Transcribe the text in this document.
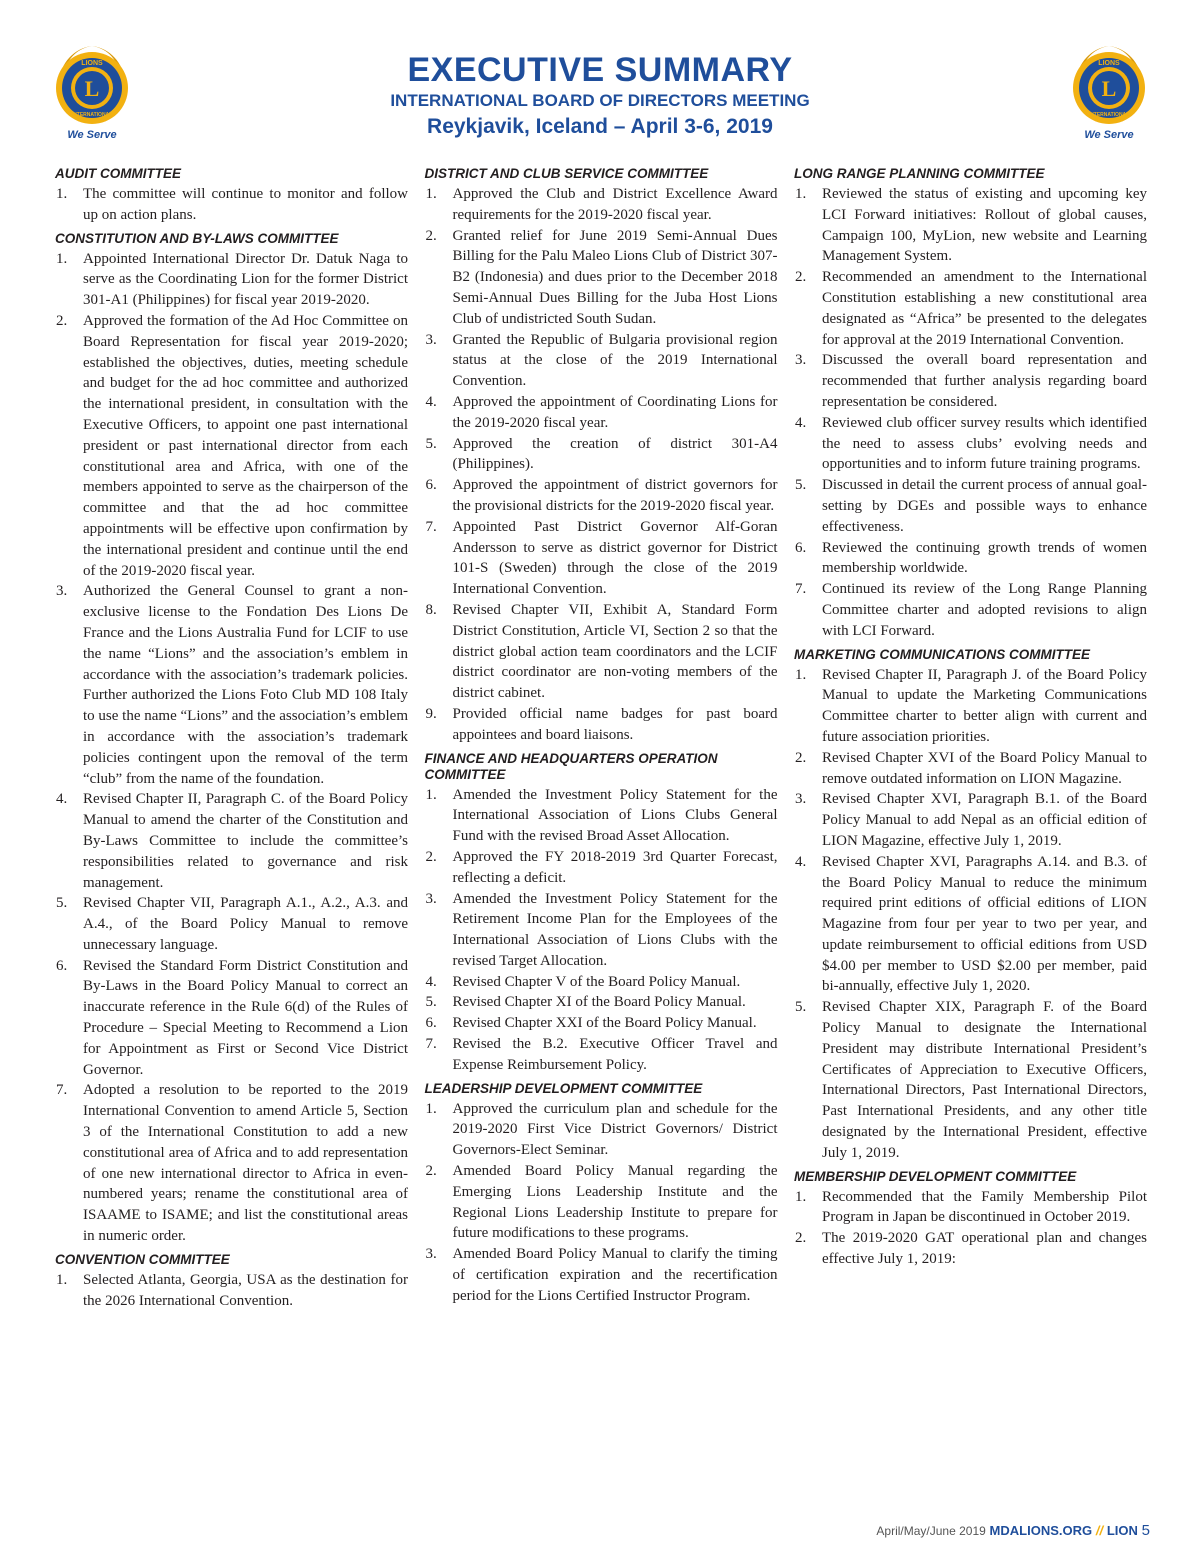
EXECUTIVE SUMMARY
INTERNATIONAL BOARD OF DIRECTORS MEETING
Reykjavik, Iceland – April 3-6, 2019
L
LIONS
INTERNATIONAL
We Serve
L
LIONS
INTERNATIONAL
We Serve
AUDIT COMMITTEE
1.	The committee will continue to monitor and follow up on action plans.
CONSTITUTION AND BY-LAWS COMMITTEE
1.	Appointed International Director Dr. Datuk Naga to serve as the Coordinating Lion for the former District 301-A1 (Philippines) for fiscal year 2019-2020.
2.	Approved the formation of the Ad Hoc Committee on Board Representation for fiscal year 2019-2020; established the objectives, duties, meeting schedule and budget for the ad hoc committee and authorized the international president, in consultation with the Executive Officers, to appoint one past international president or past international director from each constitutional area and Africa, with one of the members appointed to serve as the chairperson of the committee and that the ad hoc committee appointments will be effective upon confirmation by the international president and continue until the end of the 2019-2020 fiscal year.
3.	Authorized the General Counsel to grant a non-exclusive license to the Fondation Des Lions De France and the Lions Australia Fund for LCIF to use the name “Lions” and the association’s emblem in accordance with the association’s trademark policies. Further authorized the Lions Foto Club MD 108 Italy to use the name “Lions” and the association’s emblem in accordance with the association’s trademark policies contingent upon the removal of the term “club” from the name of the foundation.
4.	Revised Chapter II, Paragraph C. of the Board Policy Manual to amend the charter of the Constitution and By-Laws Committee to include the committee’s responsibilities related to governance and risk management.
5.	Revised Chapter VII, Paragraph A.1., A.2., A.3. and A.4., of the Board Policy Manual to remove unnecessary language.
6.	Revised the Standard Form District Constitution and By-Laws in the Board Policy Manual to correct an inaccurate reference in the Rule 6(d) of the Rules of Procedure – Special Meeting to Recommend a Lion for Appointment as First or Second Vice District Governor.
7.	Adopted a resolution to be reported to the 2019 International Convention to amend Article 5, Section 3 of the International Constitution to add a new constitutional area of Africa and to add representation of one new international director to Africa in even-numbered years; rename the constitutional area of ISAAME to ISAME; and list the constitutional areas in numeric order.
CONVENTION COMMITTEE
1.	Selected Atlanta, Georgia, USA as the destination for the 2026 International Convention.
DISTRICT AND CLUB SERVICE COMMITTEE
1.	Approved the Club and District Excellence Award requirements for the 2019-2020 fiscal year.
2.	Granted relief for June 2019 Semi-Annual Dues Billing for the Palu Maleo Lions Club of District 307-B2 (Indonesia) and dues prior to the December 2018 Semi-Annual Dues Billing for the Juba Host Lions Club of undistricted South Sudan.
3.	Granted the Republic of Bulgaria provisional region status at the close of the 2019 International Convention.
4.	Approved the appointment of Coordinating Lions for the 2019-2020 fiscal year.
5.	Approved the creation of district 301-A4 (Philippines).
6.	Approved the appointment of district governors for the provisional districts for the 2019-2020 fiscal year.
7.	Appointed Past District Governor Alf-Goran Andersson to serve as district governor for District 101-S (Sweden) through the close of the 2019 International Convention.
8.	Revised Chapter VII, Exhibit A, Standard Form District Constitution, Article VI, Section 2 so that the district global action team coordinators and the LCIF district coordinator are non-voting members of the district cabinet.
9.	Provided official name badges for past board appointees and board liaisons.
FINANCE AND HEADQUARTERS OPERATION COMMITTEE
1.	Amended the Investment Policy Statement for the International Association of Lions Clubs General Fund with the revised Broad Asset Allocation.
2.	Approved the FY 2018-2019 3rd Quarter Forecast, reflecting a deficit.
3.	Amended the Investment Policy Statement for the Retirement Income Plan for the Employees of the International Association of Lions Clubs with the revised Target Allocation.
4.	Revised Chapter V of the Board Policy Manual.
5.	Revised Chapter XI of the Board Policy Manual.
6.	Revised Chapter XXI of the Board Policy Manual.
7.	Revised the B.2. Executive Officer Travel and Expense Reimbursement Policy.
LEADERSHIP DEVELOPMENT COMMITTEE
1.	Approved the curriculum plan and schedule for the 2019-2020 First Vice District Governors/ District Governors-Elect Seminar.
2.	Amended Board Policy Manual regarding the Emerging Lions Leadership Institute and the Regional Lions Leadership Institute to prepare for future modifications to these programs.
3.	Amended Board Policy Manual to clarify the timing of certification expiration and the recertification period for the Lions Certified Instructor Program.
LONG RANGE PLANNING COMMITTEE
1.	Reviewed the status of existing and upcoming key LCI Forward initiatives: Rollout of global causes, Campaign 100, MyLion, new website and Learning Management System.
2.	Recommended an amendment to the International Constitution establishing a new constitutional area designated as “Africa” be presented to the delegates for approval at the 2019 International Convention.
3.	Discussed the overall board representation and recommended that further analysis regarding board representation be considered.
4.	Reviewed club officer survey results which identified the need to assess clubs’ evolving needs and opportunities and to inform future training programs.
5.	Discussed in detail the current process of annual goal-setting by DGEs and possible ways to enhance effectiveness.
6.	Reviewed the continuing growth trends of women membership worldwide.
7.	Continued its review of the Long Range Planning Committee charter and adopted revisions to align with LCI Forward.
MARKETING COMMUNICATIONS COMMITTEE
1.	Revised Chapter II, Paragraph J. of the Board Policy Manual to update the Marketing Communications Committee charter to better align with current and future association priorities.
2.	Revised Chapter XVI of the Board Policy Manual to remove outdated information on LION Magazine.
3.	Revised Chapter XVI, Paragraph B.1. of the Board Policy Manual to add Nepal as an official edition of LION Magazine, effective July 1, 2019.
4.	Revised Chapter XVI, Paragraphs A.14. and B.3. of the Board Policy Manual to reduce the minimum required print editions of official editions of LION Magazine from four per year to two per year, and update reimbursement to official editions from USD $4.00 per member to USD $2.00 per member, paid bi-annually, effective July 1, 2020.
5.	Revised Chapter XIX, Paragraph F. of the Board Policy Manual to designate the International President may distribute International President’s Certificates of Appreciation to Executive Officers, International Directors, Past International Directors, Past International Presidents, and any other title designated by the International President, effective July 1, 2019.
MEMBERSHIP DEVELOPMENT COMMITTEE
1.	Recommended that the Family Membership Pilot Program in Japan be discontinued in October 2019.
2.	The 2019-2020 GAT operational plan and changes effective July 1, 2019:
April/May/June 2019 MDALIONS.ORG // LION 5
